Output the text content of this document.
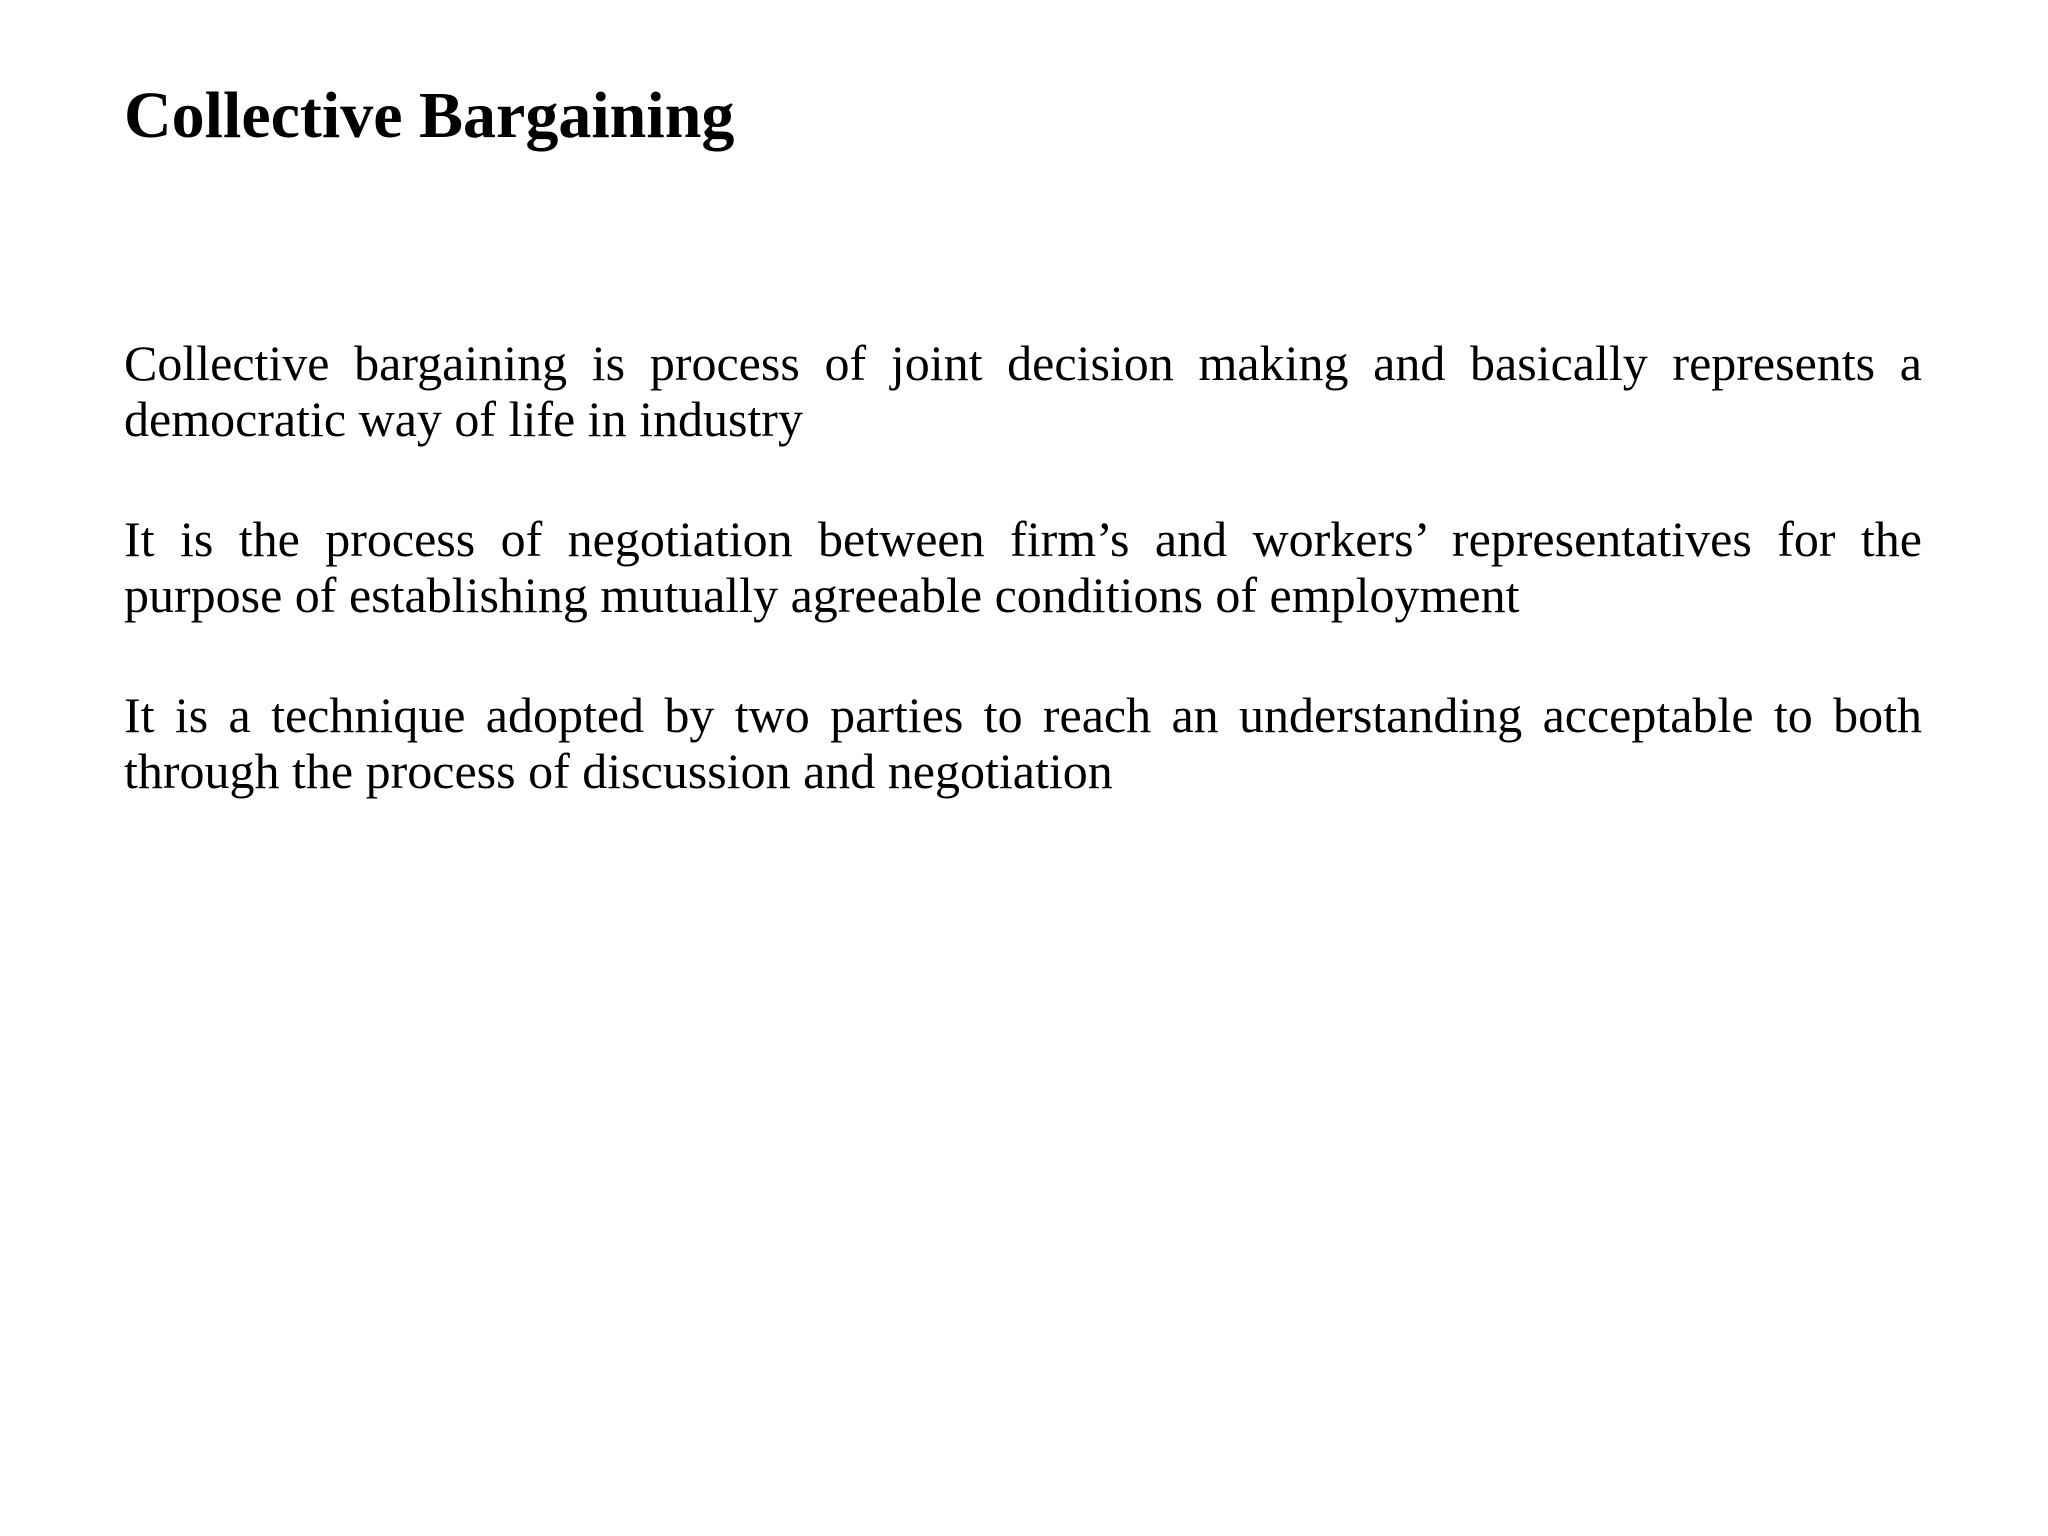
Collective Bargaining

Collective bargaining is process of joint decision making and basically represents a democratic way of life in industry

It is the process of negotiation between firm’s and workers’ representatives for the purpose of establishing mutually agreeable conditions of employment

It is a technique adopted by two parties to reach an understanding acceptable to both through the process of discussion and negotiation
